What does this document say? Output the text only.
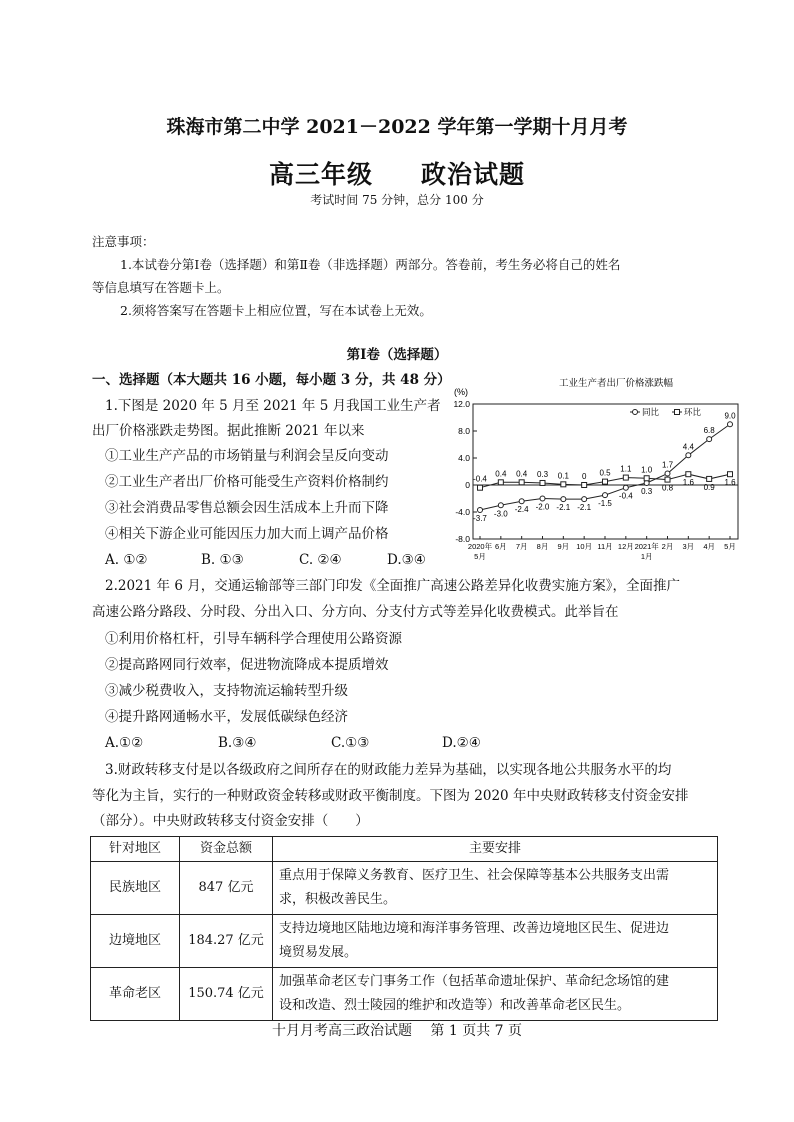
珠海市第二中学 2021－2022 学年第一学期十月月考
高三年级 政治试题
考试时间 75 分钟，总分 100 分
注意事项：
1.本试卷分第Ⅰ卷（选择题）和第Ⅱ卷（非选择题）两部分。答卷前，考生务必将自己的姓名
等信息填写在答题卡上。
2.须将答案写在答题卡上相应位置，写在本试卷上无效。
第Ⅰ卷（选择题）
一、选择题（本大题共 16 小题，每小题 3 分，共 48 分）
1.下图是 2020 年 5 月至 2021 年 5 月我国工业生产者
出厂价格涨跌走势图。据此推断 2021 年以来
①工业生产产品的市场销量与利润会呈反向变动
②工业生产者出厂价格可能受生产资料价格制约
③社会消费品零售总额会因生活成本上升而下降
④相关下游企业可能因压力加大而上调产品价格
A. ①②	B. ①③	C. ②④	D.③④
工业生产者出厂价格涨跌幅
(%)
同比	环比
12.0
8.0
4.0
0
-4.0
-8.0
2020年
5月
6月 7月 8月 9月 10月 11月 12月 2021年
1月
2月 3月 4月 5月
-3.7
-3.0 -2.4 -2.0 -2.1 -2.1 -1.5
-0.4
0.3
1.7
4.4
6.8
9.0
-0.4
0.4 0.4 0.3 0.1 0 0.5 1.1 1.0
0.8
1.6
0.9
1.6
2.2021 年 6 月，交通运输部等三部门印发《全面推广高速公路差异化收费实施方案》，全面推广
高速公路分路段、分时段、分出入口、分方向、分支付方式等差异化收费模式。此举旨在
①利用价格杠杆，引导车辆科学合理使用公路资源
②提高路网同行效率，促进物流降成本提质增效
③减少税费收入，支持物流运输转型升级
④提升路网通畅水平，发展低碳绿色经济
A.①②	B.③④	C.①③	D.②④
3.财政转移支付是以各级政府之间所存在的财政能力差异为基础，以实现各地公共服务水平的均
等化为主旨，实行的一种财政资金转移或财政平衡制度。下图为 2020 年中央财政转移支付资金安排
（部分）。中央财政转移支付资金安排（　　）
针对地区	资金总额	主要安排
民族地区	847 亿元	重点用于保障义务教育、医疗卫生、社会保障等基本公共服务支出需
求，积极改善民生。

边境地区	184.27 亿元	支持边境地区陆地边境和海洋事务管理、改善边境地区民生、促进边
境贸易发展。

革命老区	150.74 亿元	加强革命老区专门事务工作（包括革命遗址保护、革命纪念场馆的建
设和改造、烈士陵园的维护和改造等）和改善革命老区民生。
十月月考高三政治试题　 第 1 页共 7 页
